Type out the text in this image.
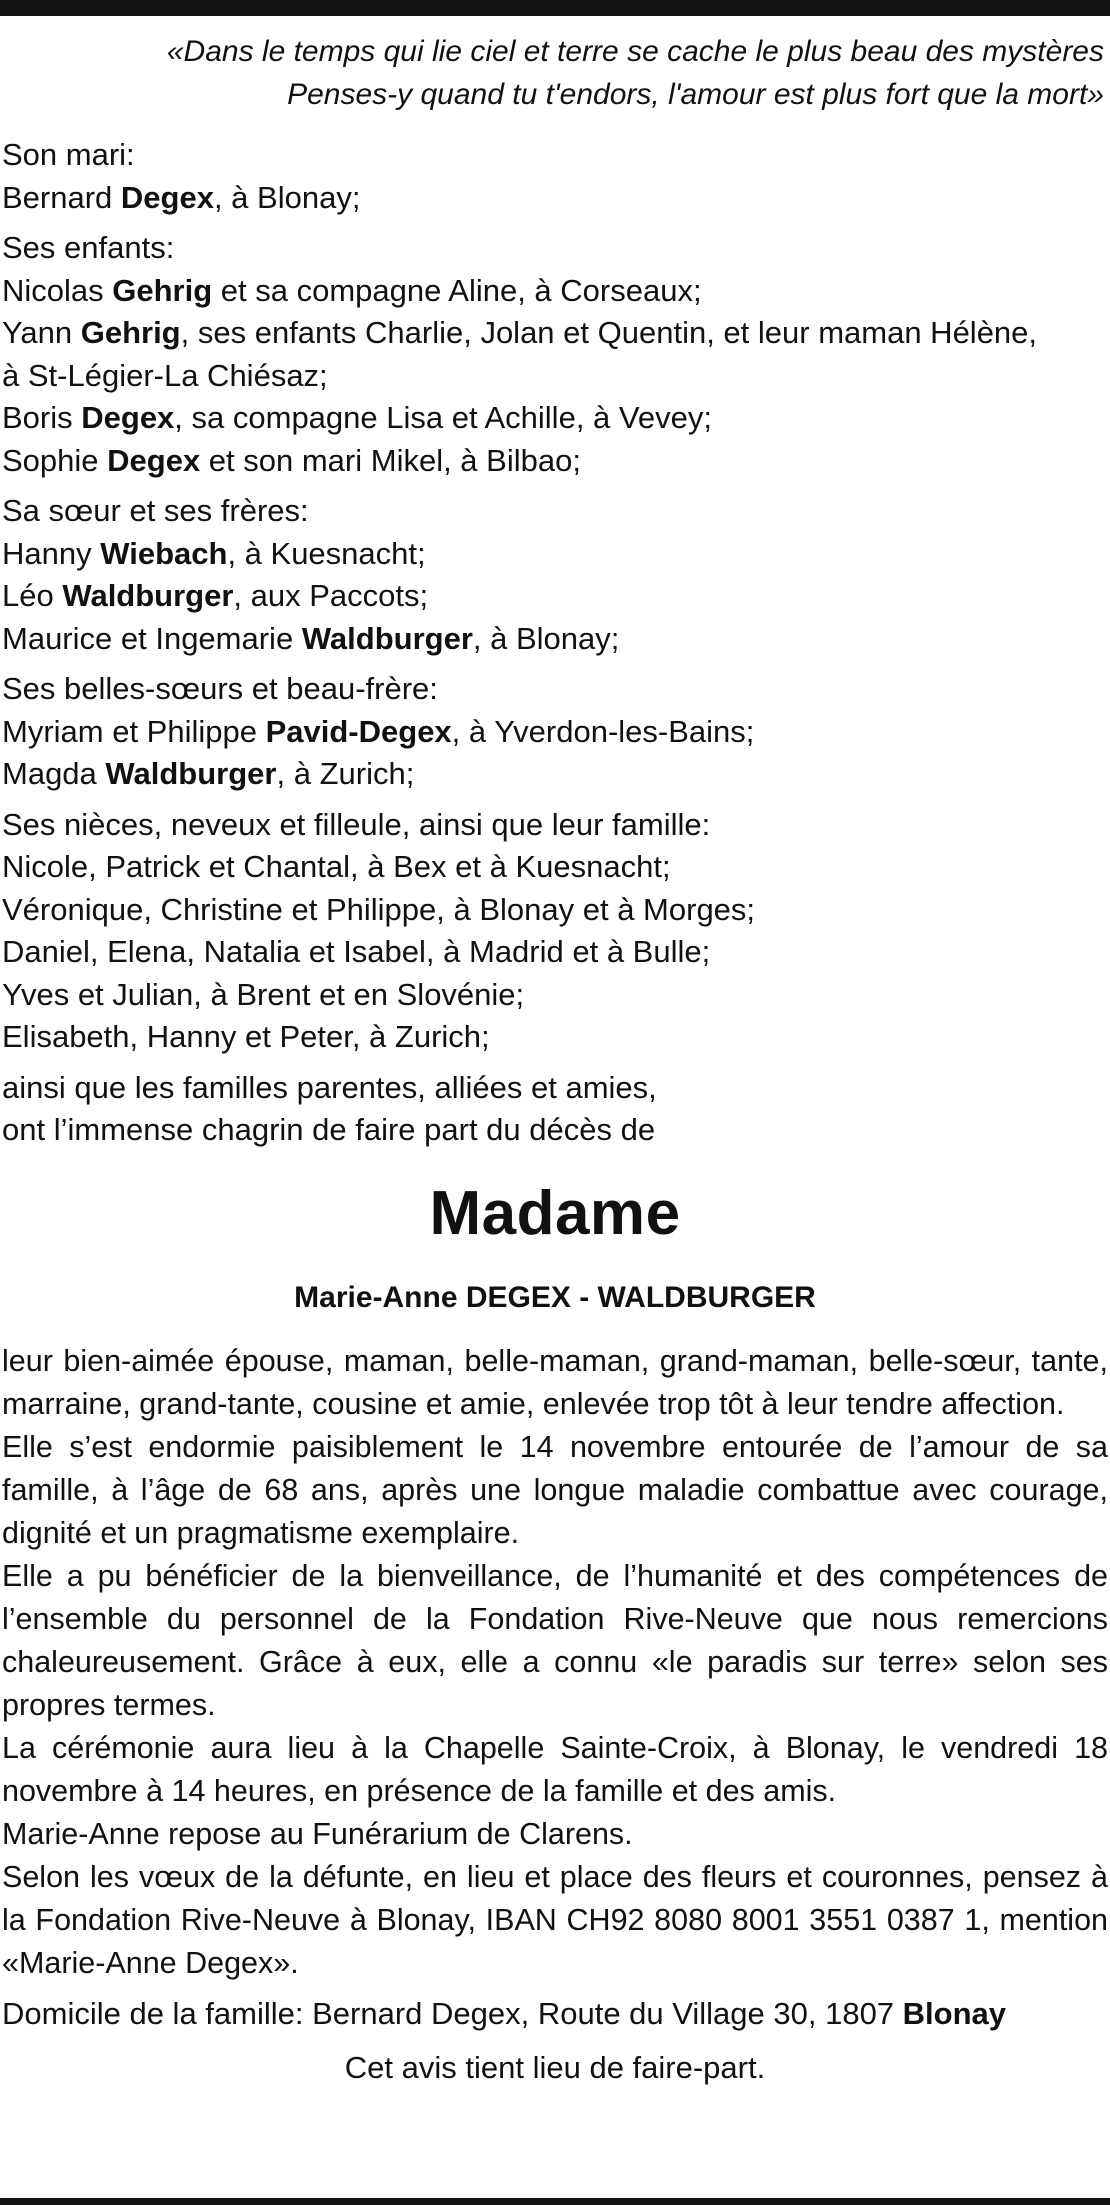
«Dans le temps qui lie ciel et terre se cache le plus beau des mystères
Penses-y quand tu t'endors, l'amour est plus fort que la mort»
Son mari:
Bernard Degex, à Blonay;
Ses enfants:
Nicolas Gehrig et sa compagne Aline, à Corseaux;
Yann Gehrig, ses enfants Charlie, Jolan et Quentin, et leur maman Hélène,
à St-Légier-La Chiésaz;
Boris Degex, sa compagne Lisa et Achille, à Vevey;
Sophie Degex et son mari Mikel, à Bilbao;
Sa sœur et ses frères:
Hanny Wiebach, à Kuesnacht;
Léo Waldburger, aux Paccots;
Maurice et Ingemarie Waldburger, à Blonay;
Ses belles-sœurs et beau-frère:
Myriam et Philippe Pavid-Degex, à Yverdon-les-Bains;
Magda Waldburger, à Zurich;
Ses nièces, neveux et filleule, ainsi que leur famille:
Nicole, Patrick et Chantal, à Bex et à Kuesnacht;
Véronique, Christine et Philippe, à Blonay et à Morges;
Daniel, Elena, Natalia et Isabel, à Madrid et à Bulle;
Yves et Julian, à Brent et en Slovénie;
Elisabeth, Hanny et Peter, à Zurich;
ainsi que les familles parentes, alliées et amies,
ont l’immense chagrin de faire part du décès de
Madame
Marie-Anne DEGEX - WALDBURGER

leur bien-aimée épouse, maman, belle-maman, grand-maman, belle-sœur, tante, marraine, grand-tante, cousine et amie, enlevée trop tôt à leur tendre affection.

Elle s’est endormie paisiblement le 14 novembre entourée de l’amour de sa famille, à l’âge de 68 ans, après une longue maladie combattue avec courage, dignité et un pragmatisme exemplaire.

Elle a pu bénéficier de la bienveillance, de l’humanité et des compétences de l’ensemble du personnel de la Fondation Rive-Neuve que nous remercions chaleureusement. Grâce à eux, elle a connu «le paradis sur terre» selon ses propres termes.

La cérémonie aura lieu à la Chapelle Sainte-Croix, à Blonay, le vendredi 18 novembre à 14 heures, en présence de la famille et des amis.

Marie-Anne repose au Funérarium de Clarens.

Selon les vœux de la défunte, en lieu et place des fleurs et couronnes, pensez à la Fondation Rive-Neuve à Blonay, IBAN CH92 8080 8001 3551 0387 1, mention «Marie-Anne Degex».

Domicile de la famille: Bernard Degex, Route du Village 30, 1807 Blonay
Cet avis tient lieu de faire-part.
